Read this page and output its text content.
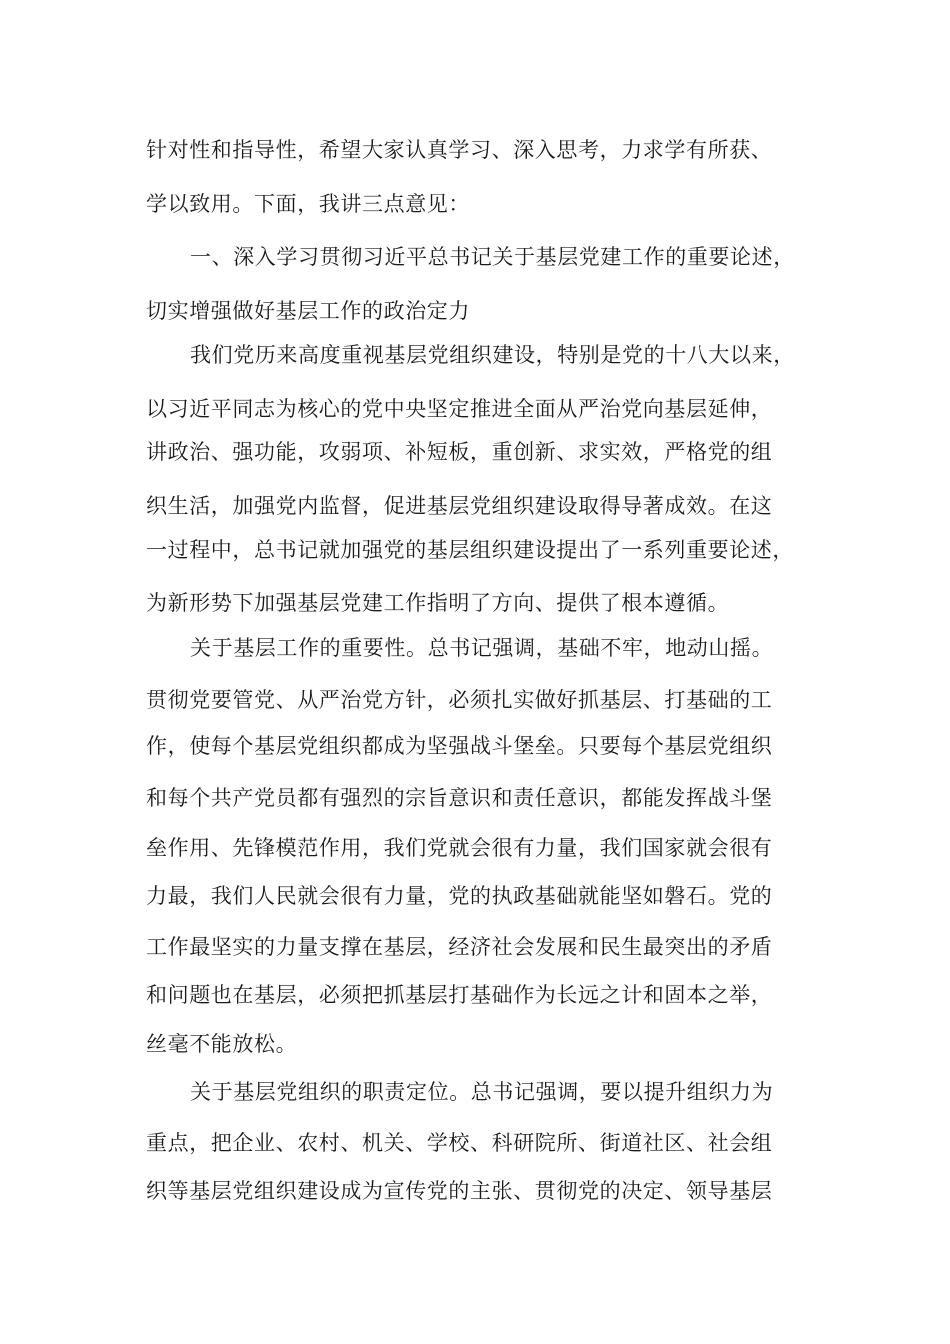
针对性和指导性，希望大家认真学习、深入思考，力求学有所获、
学以致用。下面，我讲三点意见：
一、深入学习贯彻习近平总书记关于基层党建工作的重要论述，
切实增强做好基层工作的政治定力
我们党历来高度重视基层党组织建设，特别是党的十八大以来，
以习近平同志为核心的党中央坚定推进全面从严治党向基层延伸，
讲政治、强功能，攻弱项、补短板，重创新、求实效，严格党的组
织生活，加强党内监督，促进基层党组织建设取得导著成效。在这
一过程中，总书记就加强党的基层组织建设提出了一系列重要论述，
为新形势下加强基层党建工作指明了方向、提供了根本遵循。
关于基层工作的重要性。总书记强调，基础不牢，地动山摇。
贯彻党要管党、从严治党方针，必须扎实做好抓基层、打基础的工
作，使每个基层党组织都成为坚强战斗堡垒。只要每个基层党组织
和每个共产党员都有强烈的宗旨意识和责任意识，都能发挥战斗堡
垒作用、先锋模范作用，我们党就会很有力量，我们国家就会很有
力最，我们人民就会很有力量，党的执政基础就能坚如磐石。党的
工作最坚实的力量支撑在基层，经济社会发展和民生最突出的矛盾
和问题也在基层，必须把抓基层打基础作为长远之计和固本之举，
丝毫不能放松。
关于基层党组织的职责定位。总书记强调，要以提升组织力为
重点，把企业、农村、机关、学校、科研院所、街道社区、社会组
织等基层党组织建设成为宣传党的主张、贯彻党的决定、领导基层
